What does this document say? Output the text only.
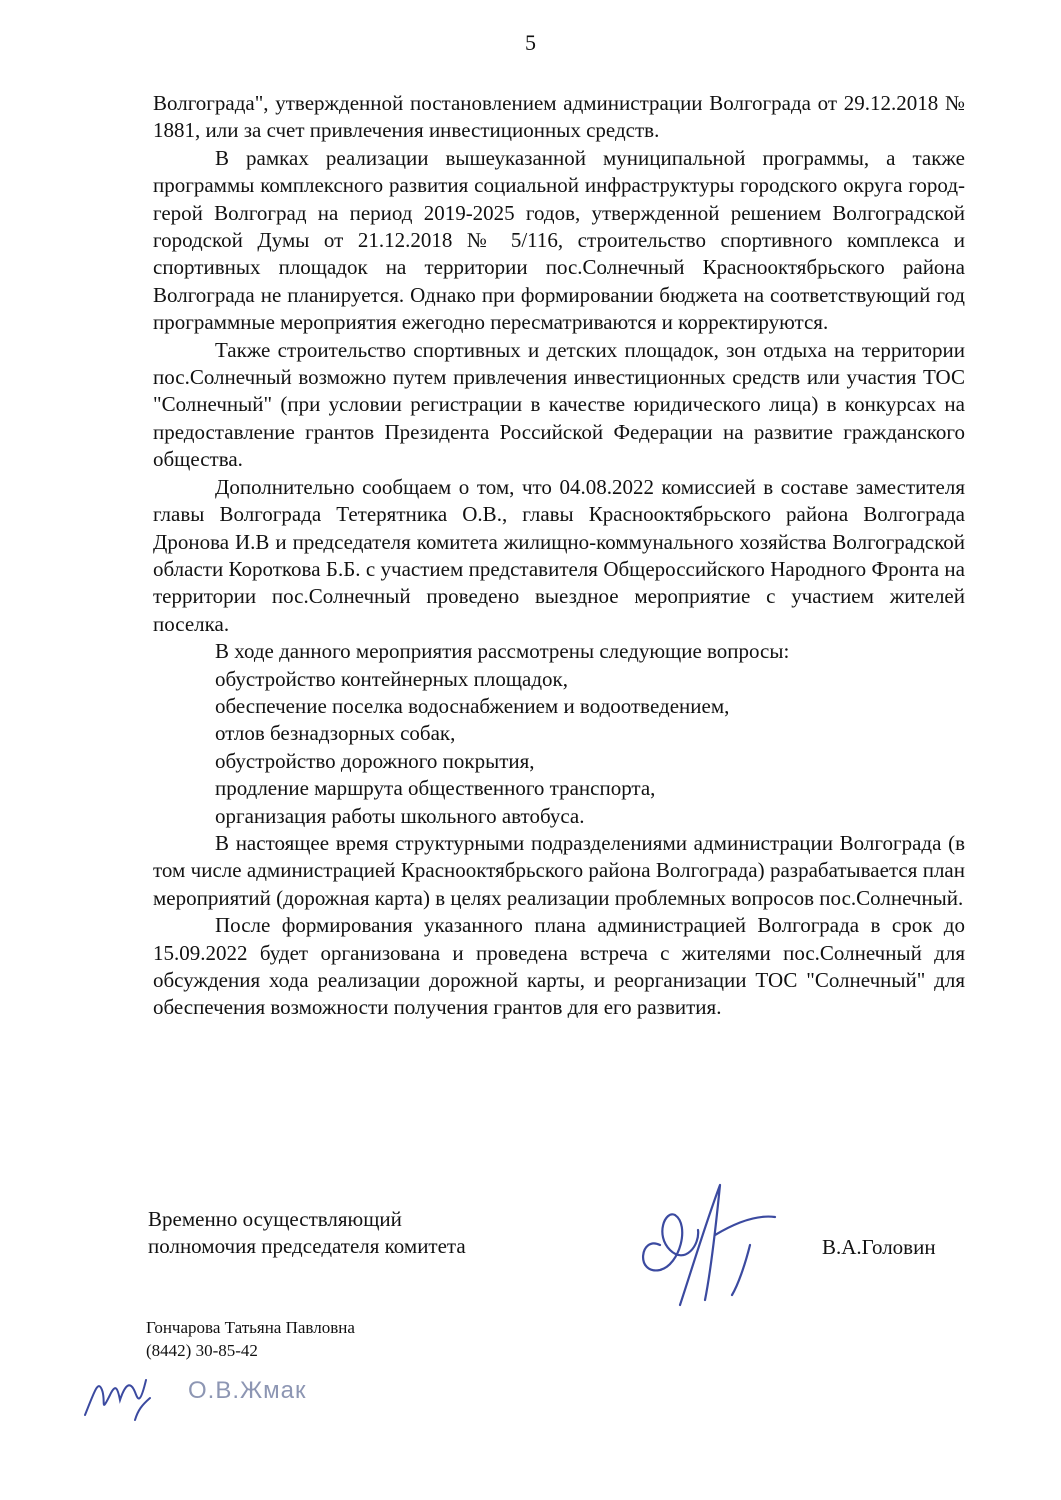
5

Волгограда", утвержденной постановлением администрации Волгограда от 29.12.2018 № 1881, или за счет привлечения инвестиционных средств.

В рамках реализации вышеуказанной муниципальной программы, а также программы комплексного развития социальной инфраструктуры городского округа город-герой Волгоград на период 2019-2025 годов, утвержденной решением Волгоградской городской Думы от 21.12.2018 № 5/116, строительство спортивного комплекса и спортивных площадок на территории пос.Солнечный Краснооктябрьского района Волгограда не планируется. Однако при формировании бюджета на соответствующий год программные мероприятия ежегодно пересматриваются и корректируются.

Также строительство спортивных и детских площадок, зон отдыха на территории пос.Солнечный возможно путем привлечения инвестиционных средств или участия ТОС "Солнечный" (при условии регистрации в качестве юридического лица) в конкурсах на предоставление грантов Президента Российской Федерации на развитие гражданского общества.

Дополнительно сообщаем о том, что 04.08.2022 комиссией в составе заместителя главы Волгограда Тетерятника О.В., главы Краснооктябрьского района Волгограда Дронова И.В и председателя комитета жилищно-коммунального хозяйства Волгоградской области Короткова Б.Б. с участием представителя Общероссийского Народного Фронта на территории пос.Солнечный проведено выездное мероприятие с участием жителей поселка.

В ходе данного мероприятия рассмотрены следующие вопросы:

обустройство контейнерных площадок,

обеспечение поселка водоснабжением и водоотведением,

отлов безнадзорных собак,

обустройство дорожного покрытия,

продление маршрута общественного транспорта,

организация работы школьного автобуса.

В настоящее время структурными подразделениями администрации Волгограда (в том числе администрацией Краснооктябрьского района Волгограда) разрабатывается план мероприятий (дорожная карта) в целях реализации проблемных вопросов пос.Солнечный.

После формирования указанного плана администрацией Волгограда в срок до 15.09.2022 будет организована и проведена встреча с жителями пос.Солнечный для обсуждения хода реализации дорожной карты, и реорганизации ТОС "Солнечный" для обеспечения возможности получения грантов для его развития.

Временно осуществляющий
полномочия председателя комитета	В.А.Головин
Гончарова Татьяна Павловна
(8442) 30-85-42
О.В.Жмак
